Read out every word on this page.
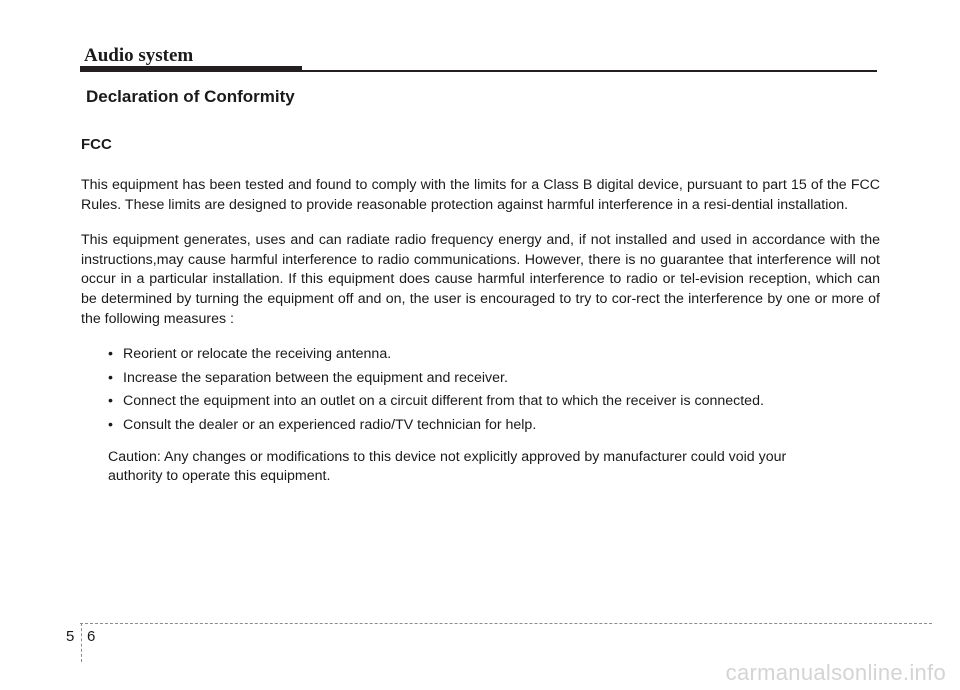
Audio system
Declaration of Conformity
FCC

This equipment has been tested and found to comply with the limits for a Class B digital device, pursuant to part 15 of the FCC Rules. These limits are designed to provide reasonable protection against harmful interference in a resi-dential installation.

This equipment generates, uses and can radiate radio frequency energy and, if not installed and used in accordance with the instructions,may cause harmful interference to radio communications. However, there is no guarantee that interference will not occur in a particular installation. If this equipment does cause harmful interference to radio or tel-evision reception, which can be determined by turning the equipment off and on, the user is encouraged to try to cor-rect the interference by one or more of the following measures :

• Reorient or relocate the receiving antenna.
• Increase the separation between the equipment and receiver.
• Connect the equipment into an outlet on a circuit different from that to which the receiver is connected.
• Consult the dealer or an experienced radio/TV technician for help.

Caution: Any changes or modifications to this device not explicitly approved by manufacturer could void your authority to operate this equipment.

5 6
carmanualsonline.info
